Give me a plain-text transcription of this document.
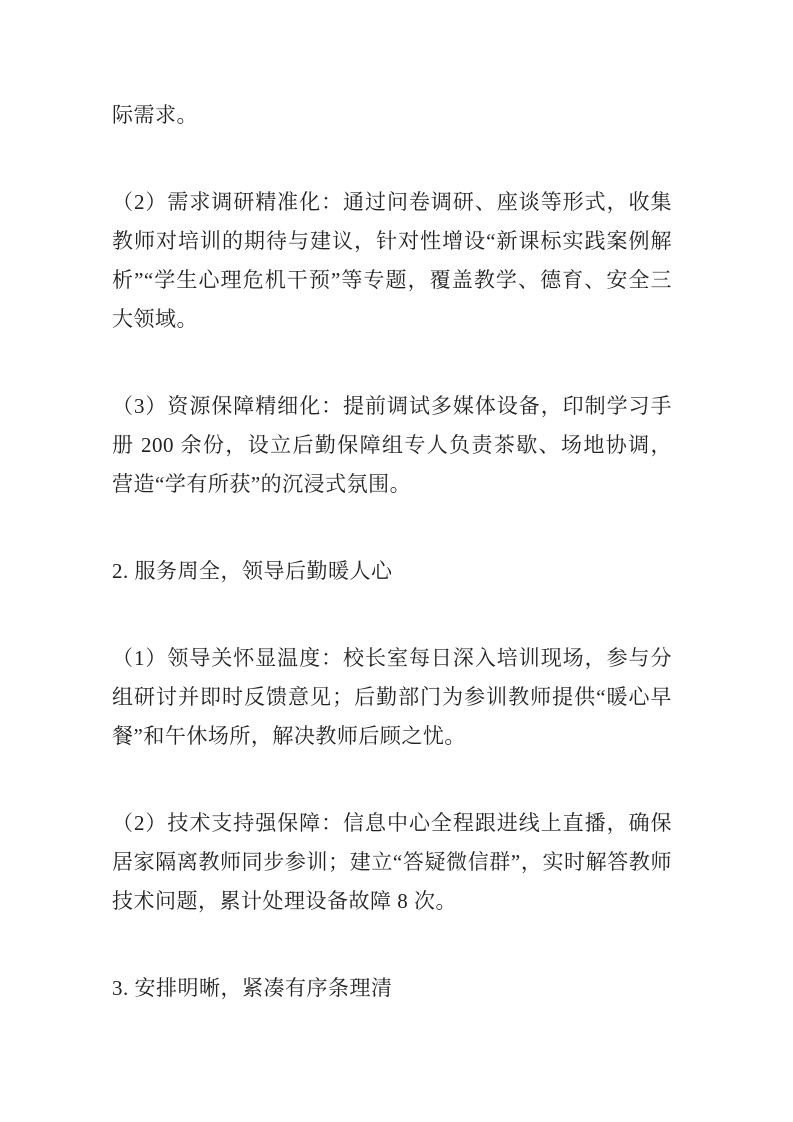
际需求。

（2）需求调研精准化：通过问卷调研、座谈等形式，收集教师对培训的期待与建议，针对性增设“新课标实践案例解析”“学生心理危机干预”等专题，覆盖教学、德育、安全三大领域。

（3）资源保障精细化：提前调试多媒体设备，印制学习手册 200 余份，设立后勤保障组专人负责茶歇、场地协调，营造“学有所获”的沉浸式氛围。

2. 服务周全，领导后勤暖人心

（1）领导关怀显温度：校长室每日深入培训现场，参与分组研讨并即时反馈意见；后勤部门为参训教师提供“暖心早餐”和午休场所，解决教师后顾之忧。

（2）技术支持强保障：信息中心全程跟进线上直播，确保居家隔离教师同步参训；建立“答疑微信群”，实时解答教师技术问题，累计处理设备故障 8 次。

3. 安排明晰，紧凑有序条理清
